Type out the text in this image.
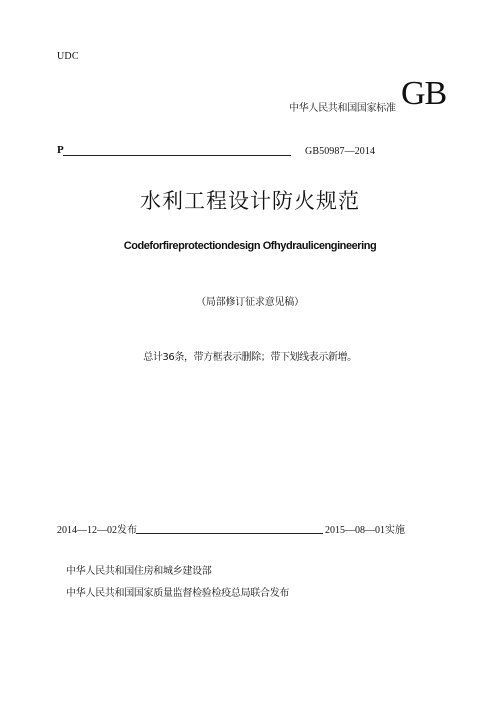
UDC
中华人民共和国国家标准 GB
P	GB50987—2014
水利工程设计防火规范
Codeforfireprotectiondesign Ofhydraulicengineering
（局部修订征求意见稿）
总计36条，带方框表示删除；带下划线表示新增。
2014—12—02发布	2015—08—01实施
中华人民共和国住房和城乡建设部
中华人民共和国国家质量监督检验检疫总局联合发布
